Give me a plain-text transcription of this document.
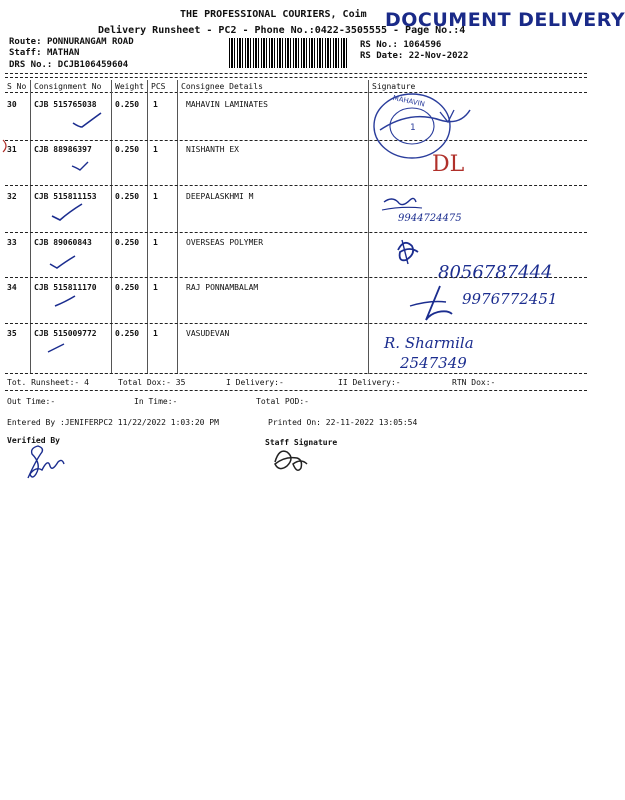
THE PROFESSIONAL COURIERS, Coim DOCUMENT DELIVERY
Delivery Runsheet - PC2 - Phone No.:0422-3505555 - Page No.:4
Route: PONNURANGAM ROAD
Staff: MATHAN
DRS No.: DCJB106459604
RS No.: 1064596
RS Date: 22-Nov-2022
S No Consignment No Weight PCS Consignee Details	Signature
30 CJB 515765038 0.250 1	MAHAVIN LAMINATES
31 CJB 88986397	0.250 1	NISHANTH EX
DL
32 CJB 515811153 0.250 1	DEEPALASKHMI M
9944724475
33 CJB 89060843	0.250 1	OVERSEAS POLYMER
8056787444
34 CJB 515811170 0.250 1	RAJ PONNAMBALAM
9976772451
35 CJB 515009772 0.250 1	VASUDEVAN
R. Sharmila
2547349
MAHAVIN
1
Tot. Runsheet:- 4	Total Dox:- 35	I Delivery:-	II Delivery:-	RTN Dox:-
Out Time:-	In Time:-	Total POD:-
Entered By :JENIFERPC2 11/22/2022 1:03:20 PM	Printed On: 22-11-2022 13:05:54
Verified By	Staff Signature
